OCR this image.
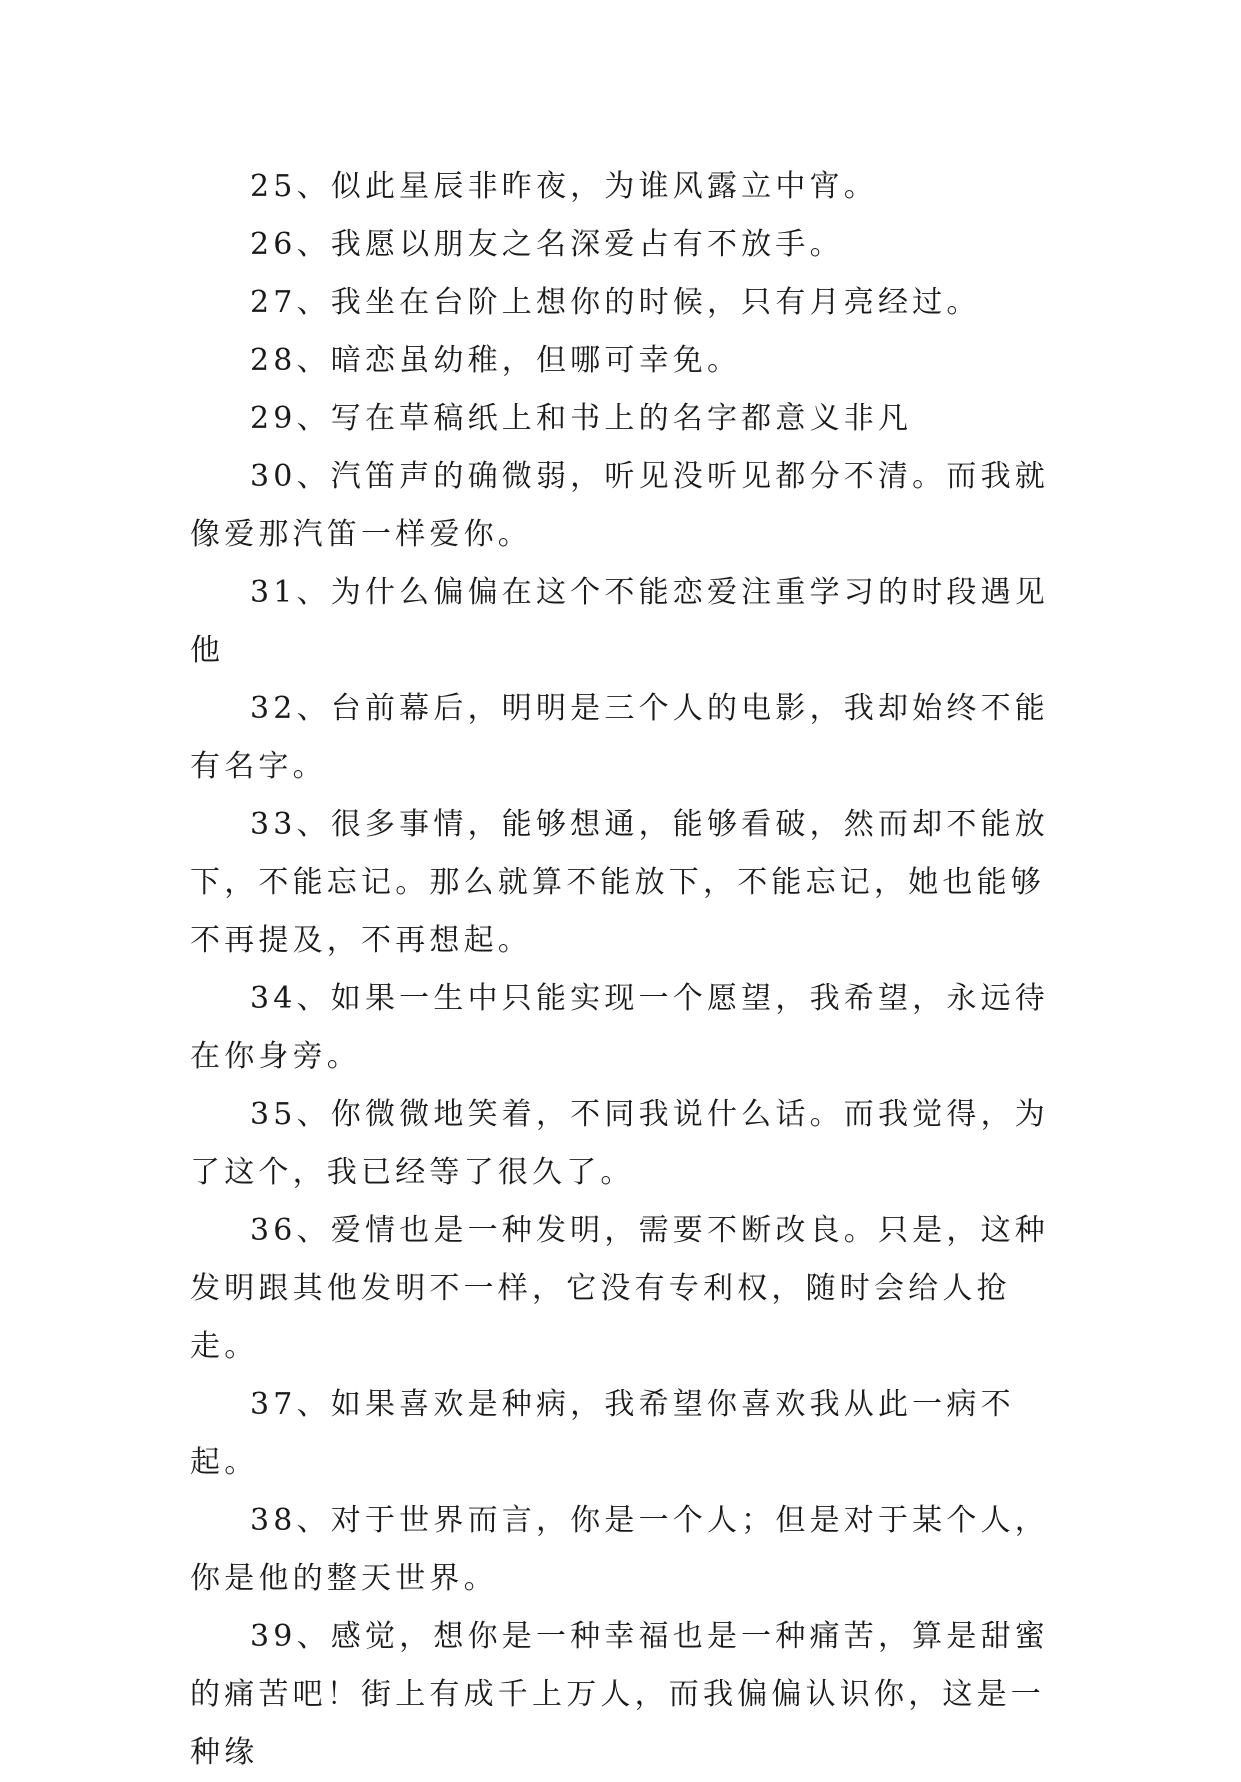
25、似此星辰非昨夜，为谁风露立中宵。

26、我愿以朋友之名深爱占有不放手。

27、我坐在台阶上想你的时候，只有月亮经过。

28、暗恋虽幼稚，但哪可幸免。

29、写在草稿纸上和书上的名字都意义非凡

30、汽笛声的确微弱，听见没听见都分不清。而我就像爱那汽笛一样爱你。

31、为什么偏偏在这个不能恋爱注重学习的时段遇见他

32、台前幕后，明明是三个人的电影，我却始终不能有名字。

33、很多事情，能够想通，能够看破，然而却不能放下，不能忘记。那么就算不能放下，不能忘记，她也能够不再提及，不再想起。

34、如果一生中只能实现一个愿望，我希望，永远待在你身旁。

35、你微微地笑着，不同我说什么话。而我觉得，为了这个，我已经等了很久了。

36、爱情也是一种发明，需要不断改良。只是，这种发明跟其他发明不一样，它没有专利权，随时会给人抢走。

37、如果喜欢是种病，我希望你喜欢我从此一病不起。

38、对于世界而言，你是一个人；但是对于某个人，你是他的整天世界。

39、感觉，想你是一种幸福也是一种痛苦，算是甜蜜的痛苦吧！街上有成千上万人，而我偏偏认识你，这是一种缘
